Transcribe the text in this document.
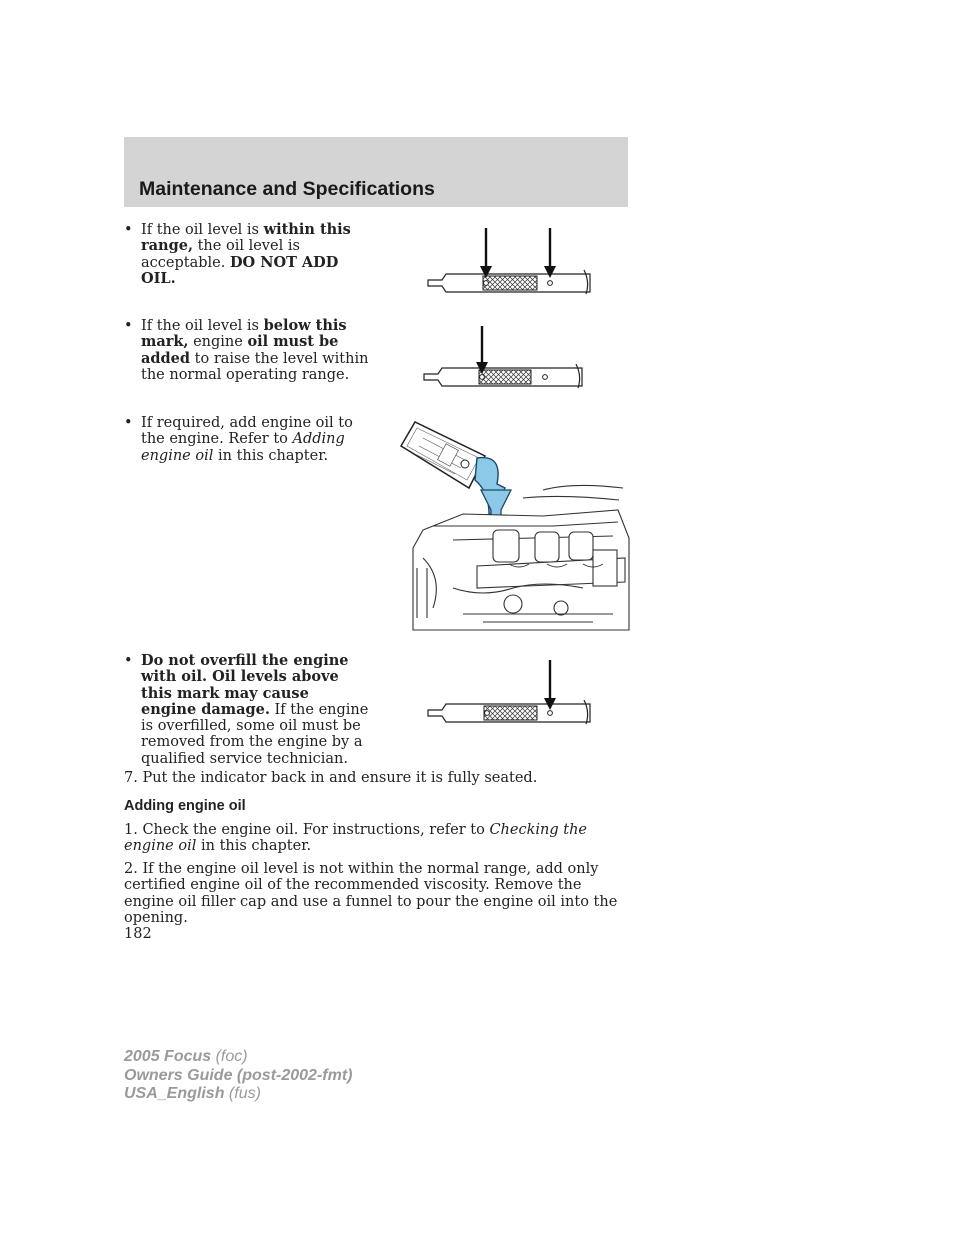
Maintenance and Specifications
• If the oil level is within this range, the oil level is acceptable. DO NOT ADD OIL.
• If the oil level is below this mark, engine oil must be added to raise the level within the normal operating range.
• If required, add engine oil to the engine. Refer to Adding engine oil in this chapter.
• Do not overfill the engine with oil. Oil levels above this mark may cause engine damage. If the engine is overfilled, some oil must be removed from the engine by a qualified service technician.
7. Put the indicator back in and ensure it is fully seated.
Adding engine oil
1. Check the engine oil. For instructions, refer to Checking the engine oil in this chapter.
2. If the engine oil level is not within the normal range, add only certified engine oil of the recommended viscosity. Remove the engine oil filler cap and use a funnel to pour the engine oil into the opening.
182
2005 Focus (foc)
Owners Guide (post-2002-fmt)
USA_English (fus)
